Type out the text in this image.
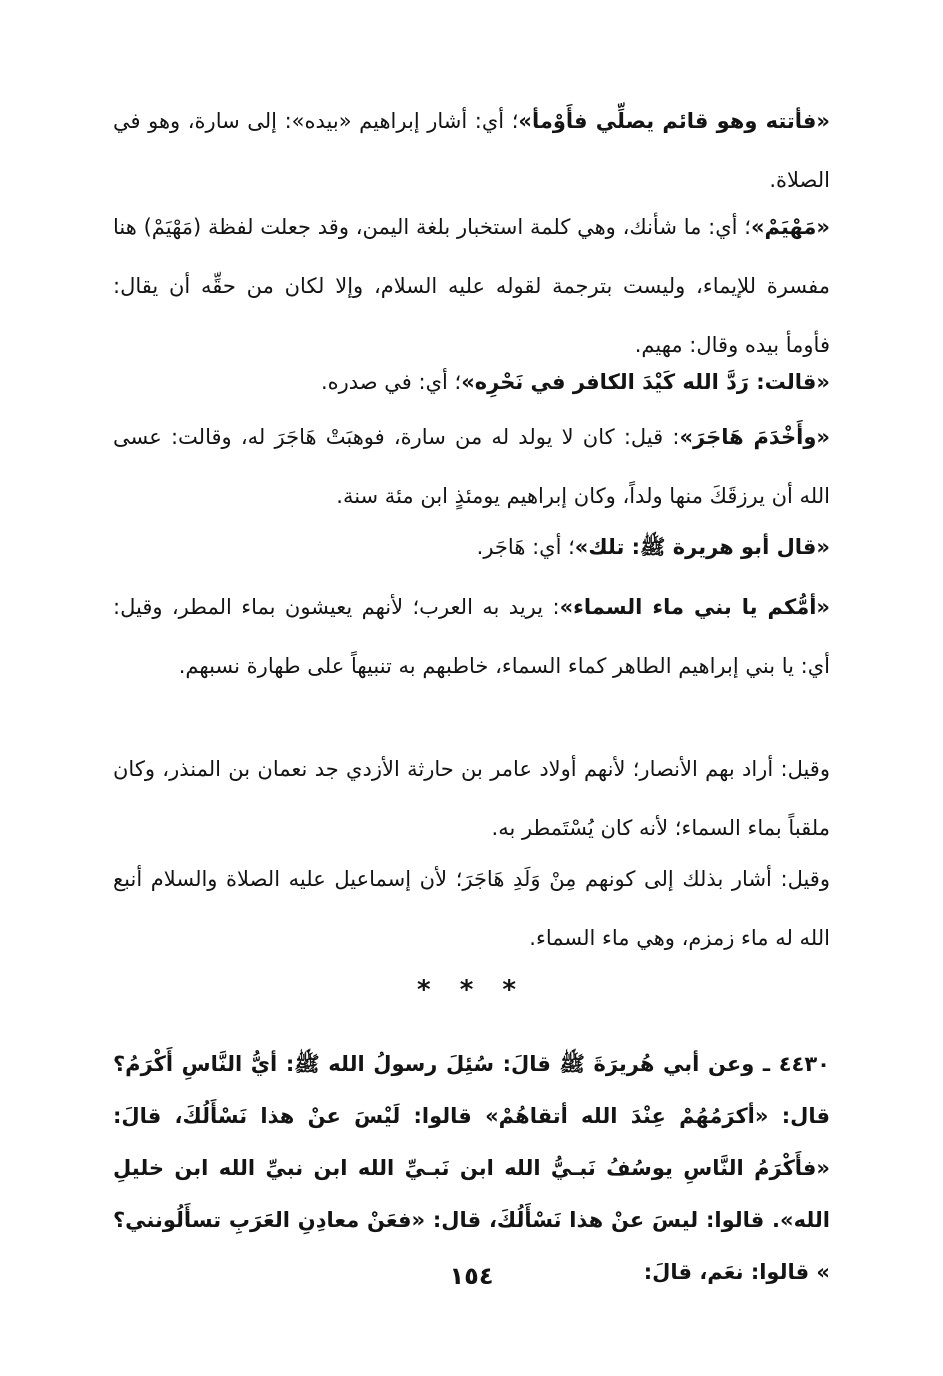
«فأتته وهو قائم يصلِّي فأَوْمأ»؛ أي: أشار إبراهيم «بيده»: إلى سارة، وهو في الصلاة.

«مَهْيَمْ»؛ أي: ما شأنك، وهي كلمة استخبار بلغة اليمن، وقد جعلت لفظة (مَهْيَمْ) هنا مفسرة للإيماء، وليست بترجمة لقوله عليه السلام، وإلا لكان من حقِّه أن يقال: فأومأ بيده وقال: مهيم.

«قالت: رَدَّ الله كَيْدَ الكافر في نَحْرِه»؛ أي: في صدره.

«وأَخْدَمَ هَاجَرَ»: قيل: كان لا يولد له من سارة، فوهبَتْ هَاجَرَ له، وقالت: عسى الله أن يرزقَكَ منها ولداً، وكان إبراهيم يومئذٍ ابن مئة سنة.

«قال أبو هريرة ﷺ: تلك»؛ أي: هَاجَر.

«أمُّكم يا بني ماء السماء»: يريد به العرب؛ لأنهم يعيشون بماء المطر، وقيل: أي: يا بني إبراهيم الطاهر كماء السماء، خاطبهم به تنبيهاً على طهارة نسبهم.

وقيل: أراد بهم الأنصار؛ لأنهم أولاد عامر بن حارثة الأزدي جد نعمان بن المنذر، وكان ملقباً بماء السماء؛ لأنه كان يُسْتَمطر به.

وقيل: أشار بذلك إلى كونهم مِنْ وَلَدِ هَاجَرَ؛ لأن إسماعيل عليه الصلاة والسلام أنبع الله له ماء زمزم، وهي ماء السماء.

* * *

٤٤٣٠ ـ وعن أبي هُريرَةَ ﷺ قالَ: سُئِلَ رسولُ الله ﷺ: أيُّ النَّاسِ أَكْرَمُ؟ قال: «أكرَمُهُمْ عِنْدَ الله أتقاهُمْ» قالوا: لَيْسَ عنْ هذا نَسْأَلُكَ، قالَ: «فأَكْرَمُ النَّاسِ يوسُفُ نَبـيُّ الله ابن نَبـيِّ الله ابن نبيِّ الله ابن خليلِ الله». قالوا: ليسَ عنْ هذا نَسْأَلُكَ، قال: «فعَنْ معادِنِ العَرَبِ تسأَلُونني؟ » قالوا: نعَم، قالَ:

١٥٤
